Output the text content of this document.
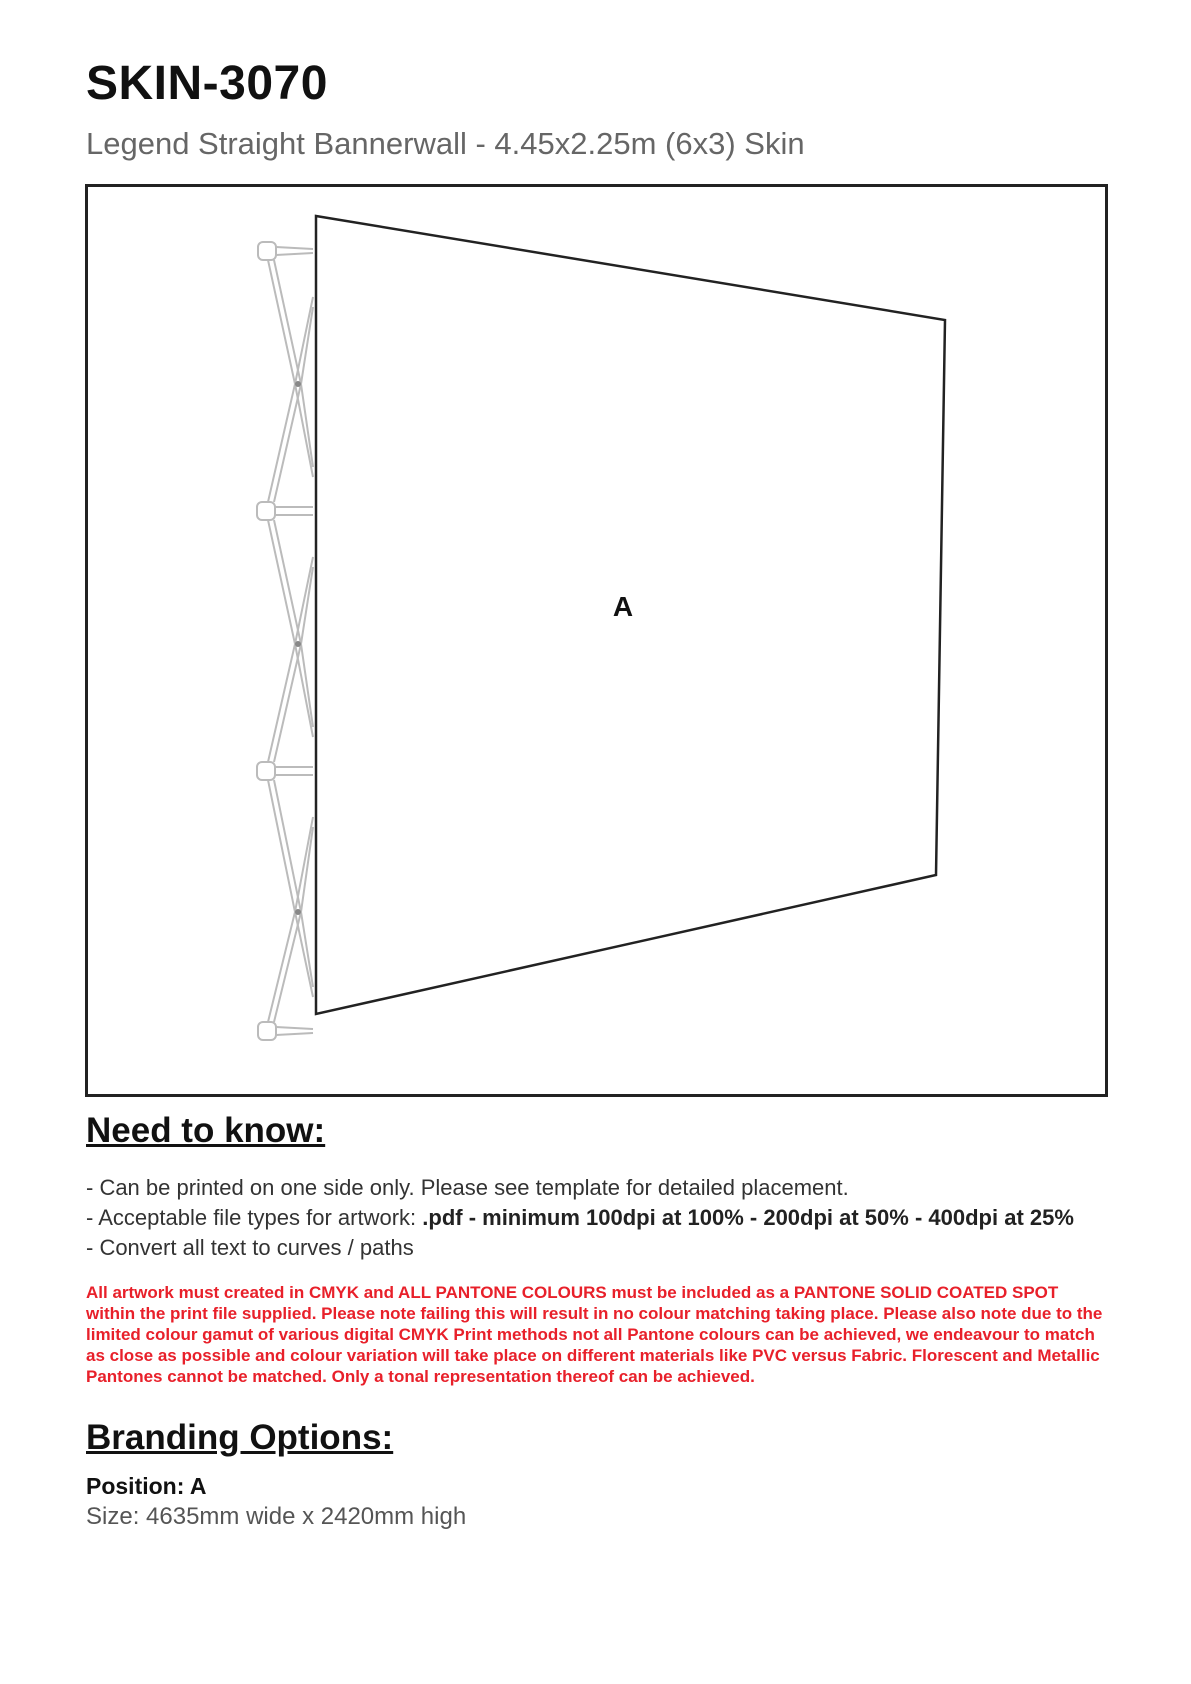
SKIN-3070
Legend Straight Bannerwall - 4.45x2.25m (6x3) Skin
A
Need to know:
- Can be printed on one side only. Please see template for detailed placement.
- Acceptable file types for artwork: .pdf - minimum 100dpi at 100% - 200dpi at 50% - 400dpi at 25%
- Convert all text to curves / paths
All artwork must created in CMYK and ALL PANTONE COLOURS must be included as a PANTONE SOLID COATED SPOT within the print file supplied. Please note failing this will result in no colour matching taking place. Please also note due to the limited colour gamut of various digital CMYK Print methods not all Pantone colours can be achieved, we endeavour to match as close as possible and colour variation will take place on different materials like PVC versus Fabric. Florescent and Metallic Pantones cannot be matched. Only a tonal representation thereof can be achieved.
Branding Options:
Position: A
Size: 4635mm wide x 2420mm high
